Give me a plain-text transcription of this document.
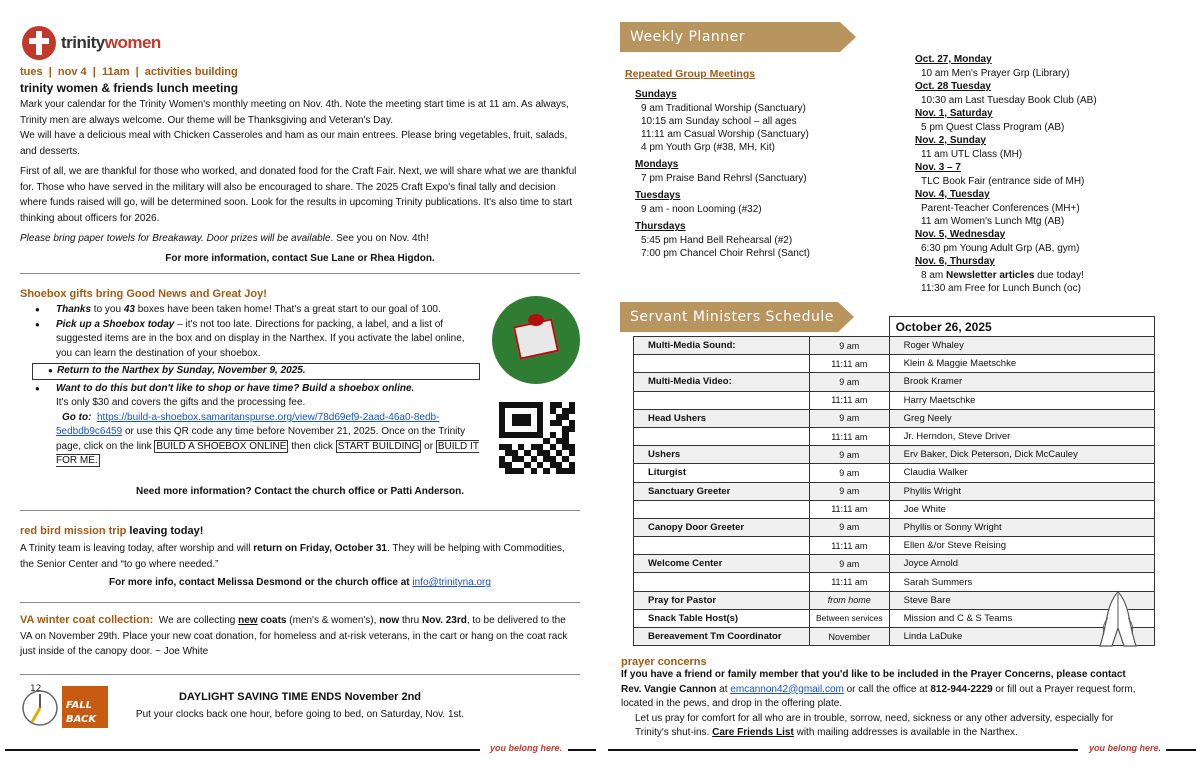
trinitywomen
tues  |  nov 4  |  11am  |  activities building
trinity women & friends lunch meeting

Mark your calendar for the Trinity Women's monthly meeting on Nov. 4th. Note the meeting start time is at 11 am. As always, Trinity men are always welcome. Our theme will be Thanksgiving and Veteran's Day.

We will have a delicious meal with Chicken Casseroles and ham as our main entrees. Please bring vegetables, fruit, salads, and desserts.

First of all, we are thankful for those who worked, and donated food for the Craft Fair. Next, we will share what we are thankful for. Those who have served in the military will also be encouraged to share. The 2025 Craft Expo's final tally and decision where funds raised will go, will be determined soon. Look for the results in upcoming Trinity publications. It's also time to start thinking about officers for 2026.

Please bring paper towels for Breakaway. Door prizes will be available. See you on Nov. 4th!

For more information, contact Sue Lane or Rhea Higdon.

Shoebox gifts bring Good News and Great Joy!
● Thanks to you 43 boxes have been taken home! That's a great start to our goal of 100.
● Pick up a Shoebox today – it's not too late. Directions for packing, a label, and a list of suggested items are in the box and on display in the Narthex. If you activate the label online, you can learn the destination of your shoebox.
● Return to the Narthex by Sunday, November 9, 2025.
● Want to do this but don't like to shop or have time? Build a shoebox online.
It's only $30 and covers the gifts and the processing fee.
Go to: https://build-a-shoebox.samaritanspurse.org/view/78d69ef9-2aad-46a0-8edb-5edbdb9c6459 or use this QR code any time before November 21, 2025. Once on the Trinity page, click on the link BUILD A SHOEBOX ONLINE then click START BUILDING or BUILD IT FOR ME.
Need more information? Contact the church office or Patti Anderson.
red bird mission trip leaving today!
A Trinity team is leaving today, after worship and will return on Friday, October 31. They will be helping with Commodities, the Senior Center and “to go where needed.”
For more info, contact Melissa Desmond or the church office at info@trinityna.org
VA winter coat collection:  We are collecting new coats (men's & women's), now thru Nov. 23rd, to be delivered to the VA on November 29th. Place your new coat donation, for homeless and at-risk veterans, in the cart or hang on the coat rack just inside of the canopy door. ~ Joe White
12
FALL
BACK
DAYLIGHT SAVING TIME ENDS November 2nd
Put your clocks back one hour, before going to bed, on Saturday, Nov. 1st.
you belong here.
Weekly Planner
Repeated Group Meetings
Sundays
9 am Traditional Worship (Sanctuary)
10:15 am Sunday school – all ages
11:11 am Casual Worship (Sanctuary)
4 pm Youth Grp (#38, MH, Kit)
Mondays
7 pm Praise Band Rehrsl (Sanctuary)
Tuesdays
9 am - noon Looming (#32)
Thursdays
5:45 pm Hand Bell Rehearsal (#2)
7:00 pm Chancel Choir Rehrsl (Sanct)
Oct. 27, Monday
10 am Men's Prayer Grp (Library)
Oct. 28 Tuesday
10:30 am Last Tuesday Book Club (AB)
Nov. 1, Saturday
5 pm Quest Class Program (AB)
Nov. 2, Sunday
11 am UTL Class (MH)
Nov. 3 – 7
TLC Book Fair (entrance side of MH)
Nov. 4, Tuesday
Parent-Teacher Conferences (MH+)
11 am Women's Lunch Mtg (AB)
Nov. 5, Wednesday
6:30 pm Young Adult Grp (AB, gym)
Nov. 6, Thursday
8 am Newsletter articles due today!
11:30 am Free for Lunch Bunch (oc)
Servant Ministers Schedule
prayer concerns
If you have a friend or family member that you'd like to be included in the Prayer Concerns, please contact
Rev. Vangie Cannon at emcannon42@gmail.com or call the office at 812-944-2229 or fill out a Prayer request form,
located in the pews, and drop in the offering plate.
Let us pray for comfort for all who are in trouble, sorrow, need, sickness or any other adversity, especially for
Trinity's shut-ins. Care Friends List with mailing addresses is available in the Narthex.
you belong here.
		October 26, 2025
Multi-Media Sound:	9 am	Roger Whaley
	11:11 am	Klein & Maggie Maetschke
Multi-Media Video:	9 am	Brook Kramer
	11:11 am	Harry Maetschke
Head Ushers	9 am	Greg Neely
	11:11 am	Jr. Herndon, Steve Driver
Ushers	9 am	Erv Baker, Dick Peterson, Dick McCauley
Liturgist	9 am	Claudia Walker
Sanctuary Greeter	9 am	Phyllis Wright
	11:11 am	Joe White
Canopy Door Greeter	9 am	Phyllis or Sonny Wright
	11:11 am	Ellen &/or Steve Reising
Welcome Center	9 am	Joyce Arnold
	11:11 am	Sarah Summers
Pray for Pastor	from home	Steve Bare
Snack Table Host(s)	Between services	Mission and C & S Teams
Bereavement Tm Coordinator	November	Linda LaDuke
